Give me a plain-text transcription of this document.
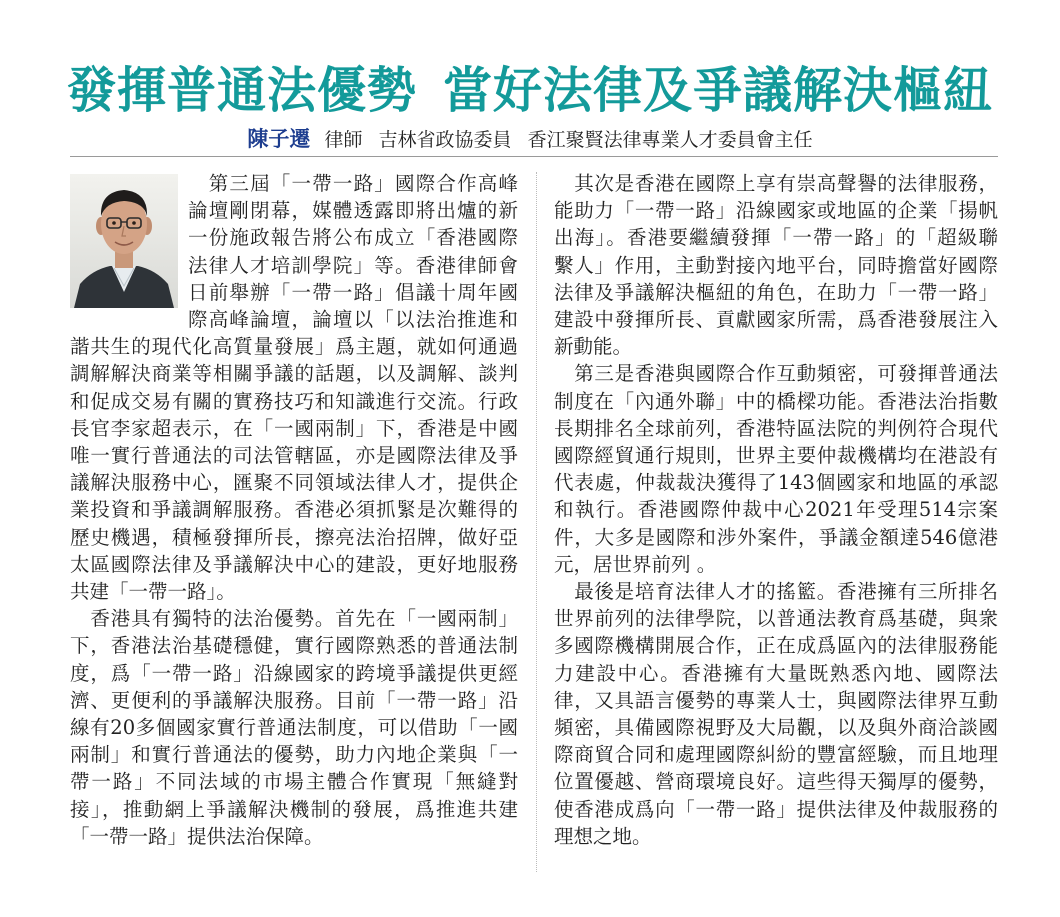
發揮普通法優勢 當好法律及爭議解決樞紐
陳子遷 律師 吉林省政協委員 香江聚賢法律專業人才委員會主任

　第三屆「一帶一路」國際合作高峰
論壇剛閉幕，媒體透露即將出爐的新
一份施政報告將公布成立「香港國際
法律人才培訓學院」等。香港律師會
日前舉辦「一帶一路」倡議十周年國
際高峰論壇，論壇以「以法治推進和
諧共生的現代化高質量發展」爲主題，就如何通過
調解解決商業等相關爭議的話題，以及調解、談判
和促成交易有關的實務技巧和知識進行交流。行政
長官李家超表示，在「一國兩制」下，香港是中國
唯一實行普通法的司法管轄區，亦是國際法律及爭
議解決服務中心，匯聚不同領域法律人才，提供企
業投資和爭議調解服務。香港必須抓緊是次難得的
歷史機遇，積極發揮所長，擦亮法治招牌，做好亞
太區國際法律及爭議解決中心的建設，更好地服務
共建「一帶一路」。

　香港具有獨特的法治優勢。首先在「一國兩制」
下，香港法治基礎穩健，實行國際熟悉的普通法制
度，爲「一帶一路」沿線國家的跨境爭議提供更經
濟、更便利的爭議解決服務。目前「一帶一路」沿
線有20多個國家實行普通法制度，可以借助「一國
兩制」和實行普通法的優勢，助力內地企業與「一
帶一路」不同法域的市場主體合作實現「無縫對
接」，推動網上爭議解決機制的發展，爲推進共建
「一帶一路」提供法治保障。

　其次是香港在國際上享有崇高聲譽的法律服務，
能助力「一帶一路」沿線國家或地區的企業「揚帆
出海」。香港要繼續發揮「一帶一路」的「超級聯
繫人」作用，主動對接內地平台，同時擔當好國際
法律及爭議解決樞紐的角色，在助力「一帶一路」
建設中發揮所長、貢獻國家所需，爲香港發展注入
新動能。

　第三是香港與國際合作互動頻密，可發揮普通法
制度在「內通外聯」中的橋樑功能。香港法治指數
長期排名全球前列，香港特區法院的判例符合現代
國際經貿通行規則，世界主要仲裁機構均在港設有
代表處，仲裁裁決獲得了143個國家和地區的承認
和執行。香港國際仲裁中心2021年受理514宗案
件，大多是國際和涉外案件，爭議金額達546億港
元，居世界前列 。

　最後是培育法律人才的搖籃。香港擁有三所排名
世界前列的法律學院，以普通法教育爲基礎，與衆
多國際機構開展合作，正在成爲區內的法律服務能
力建設中心。香港擁有大量既熟悉內地、國際法
律，又具語言優勢的專業人士，與國際法律界互動
頻密，具備國際視野及大局觀，以及與外商洽談國
際商貿合同和處理國際糾紛的豐富經驗，而且地理
位置優越、營商環境良好。這些得天獨厚的優勢，
使香港成爲向「一帶一路」提供法律及仲裁服務的
理想之地。
